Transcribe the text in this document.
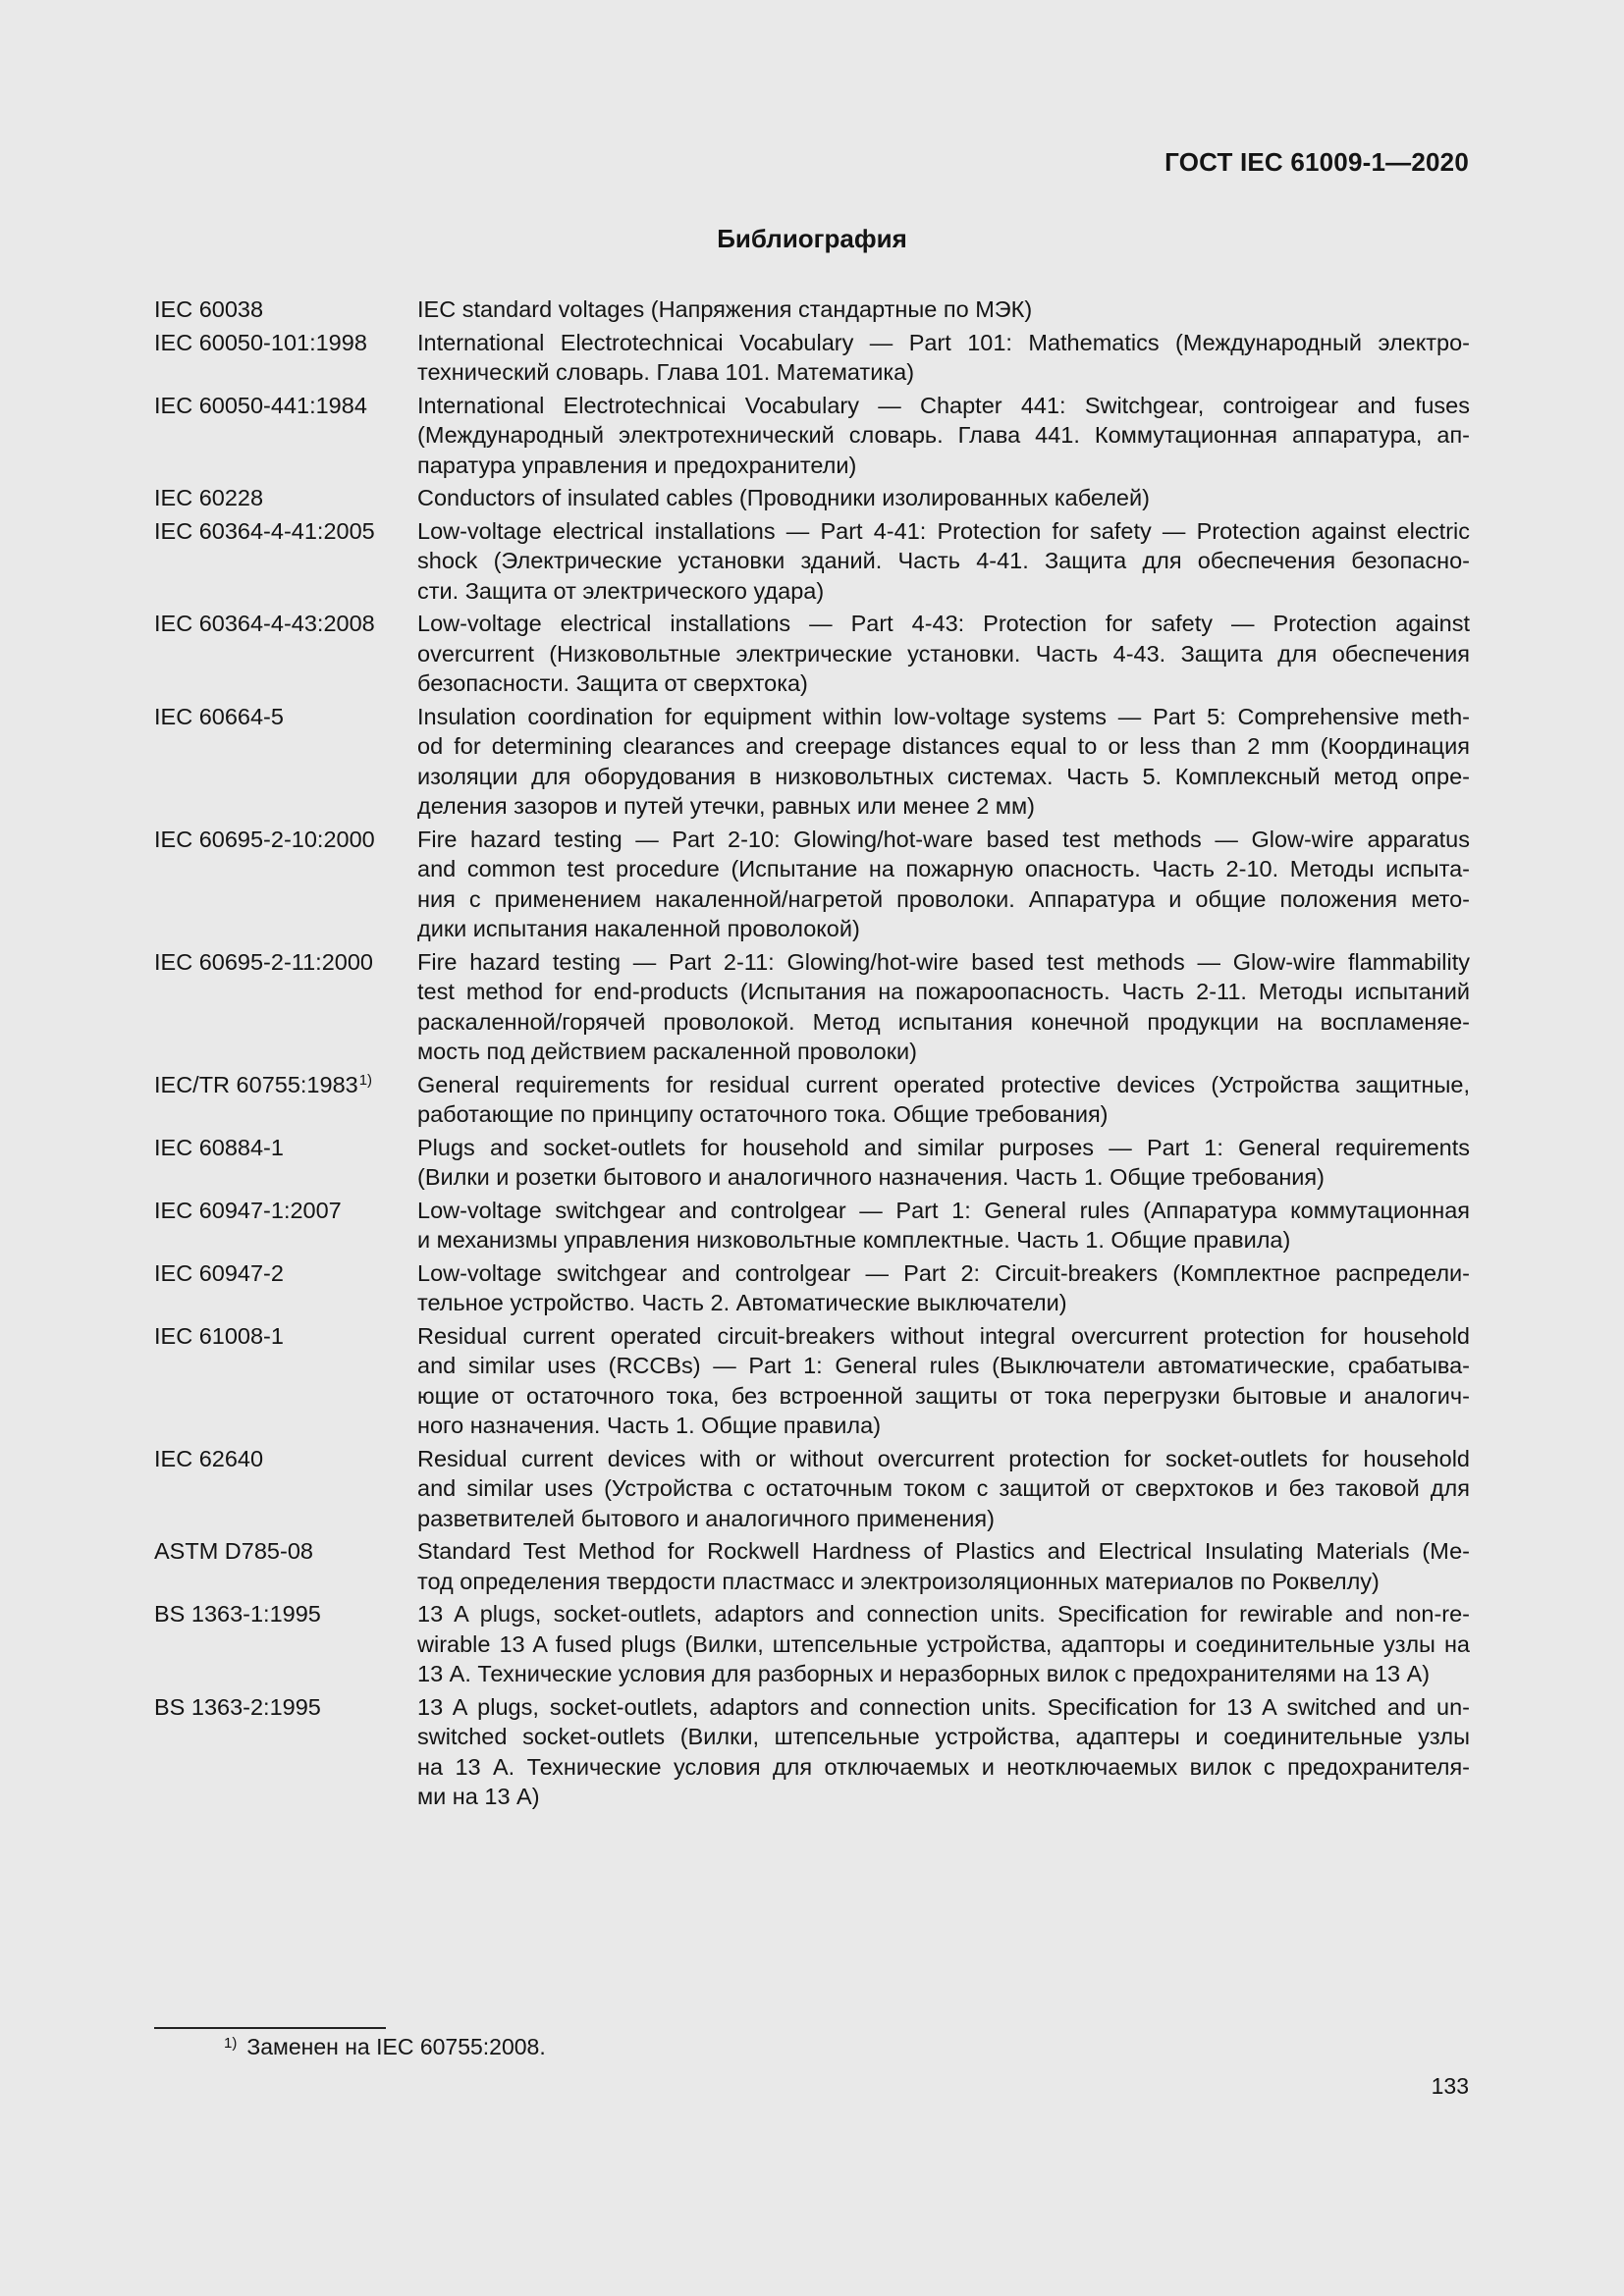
ГОСТ IEC 61009-1—2020
Библиография
IEC 60038	IEC standard voltages (Напряжения стандартные по МЭК)
IEC 60050-101:1998	International Electrotechnicai Vocabulary — Part 101: Mathematics (Международный электро-
технический словарь. Глава 101. Математика)
IEC 60050-441:1984	International Electrotechnicai Vocabulary — Chapter 441: Switchgear, controigear and fuses
(Международный электротехнический словарь. Глава 441. Коммутационная аппаратура, ап-
паратура управления и предохранители)
IEC 60228	Conductors of insulated cables (Проводники изолированных кабелей)
IEC 60364-4-41:2005	Low-voltage electrical installations — Part 4-41: Protection for safety — Protection against electric
shock (Электрические установки зданий. Часть 4-41. Защита для обеспечения безопасно-
сти. Защита от электрического удара)
IEC 60364-4-43:2008	Low-voltage electrical installations — Part 4-43: Protection for safety — Protection against
overcurrent (Низковольтные электрические установки. Часть 4-43. Защита для обеспечения
безопасности. Защита от сверхтока)
IEC 60664-5	Insulation coordination for equipment within low-voltage systems — Part 5: Comprehensive meth-
od for determining clearances and creepage distances equal to or less than 2 mm (Координация
изоляции для оборудования в низковольтных системах. Часть 5. Комплексный метод опре-
деления зазоров и путей утечки, равных или менее 2 мм)
IEC 60695-2-10:2000	Fire hazard testing — Part 2-10: Glowing/hot-ware based test methods — Glow-wire apparatus
and common test procedure (Испытание на пожарную опасность. Часть 2-10. Методы испыта-
ния с применением накаленной/нагретой проволоки. Аппаратура и общие положения мето-
дики испытания накаленной проволокой)
IEC 60695-2-11:2000	Fire hazard testing — Part 2-11: Glowing/hot-wire based test methods — Glow-wire flammability
test method for end-products (Испытания на пожароопасность. Часть 2-11. Методы испытаний
раскаленной/горячей проволокой. Метод испытания конечной продукции на воспламеняе-
мость под действием раскаленной проволоки)
IEC/TR 60755:1983$^{1)}$	General requirements for residual current operated protective devices (Устройства защитные,
работающие по принципу остаточного тока. Общие требования)
IEC 60884-1	Plugs and socket-outlets for household and similar purposes — Part 1: General requirements
(Вилки и розетки бытового и аналогичного назначения. Часть 1. Общие требования)
IEC 60947-1:2007	Low-voltage switchgear and controlgear — Part 1: General rules (Аппаратура коммутационная
и механизмы управления низковольтные комплектные. Часть 1. Общие правила)
IEC 60947-2	Low-voltage switchgear and controlgear — Part 2: Circuit-breakers (Комплектное распредели-
тельное устройство. Часть 2. Автоматические выключатели)
IEC 61008-1	Residual current operated circuit-breakers without integral overcurrent protection for household
and similar uses (RCCBs) — Part 1: General rules (Выключатели автоматические, срабатыва-
ющие от остаточного тока, без встроенной защиты от тока перегрузки бытовые и аналогич-
ного назначения. Часть 1. Общие правила)
IEC 62640	Residual current devices with or without overcurrent protection for socket-outlets for household
and similar uses (Устройства с остаточным током с защитой от сверхтоков и без таковой для
разветвителей бытового и аналогичного применения)
ASTM D785-08	Standard Test Method for Rockwell Hardness of Plastics and Electrical Insulating Materials (Ме-
тод определения твердости пластмасс и электроизоляционных материалов по Роквеллу)
BS 1363-1:1995	13 A plugs, socket-outlets, adaptors and connection units. Specification for rewirable and non-re-
wirable 13 A fused plugs (Вилки, штепсельные устройства, адапторы и соединительные узлы на
13 А. Технические условия для разборных и неразборных вилок с предохранителями на 13 А)
BS 1363-2:1995	13 A plugs, socket-outlets, adaptors and connection units. Specification for 13 A switched and un-
switched socket-outlets (Вилки, штепсельные устройства, адаптеры и соединительные узлы
на 13 А. Технические условия для отключаемых и неотключаемых вилок с предохранителя-
ми на 13 А)
$^{1)}$ Заменен на IEC 60755:2008.
133
